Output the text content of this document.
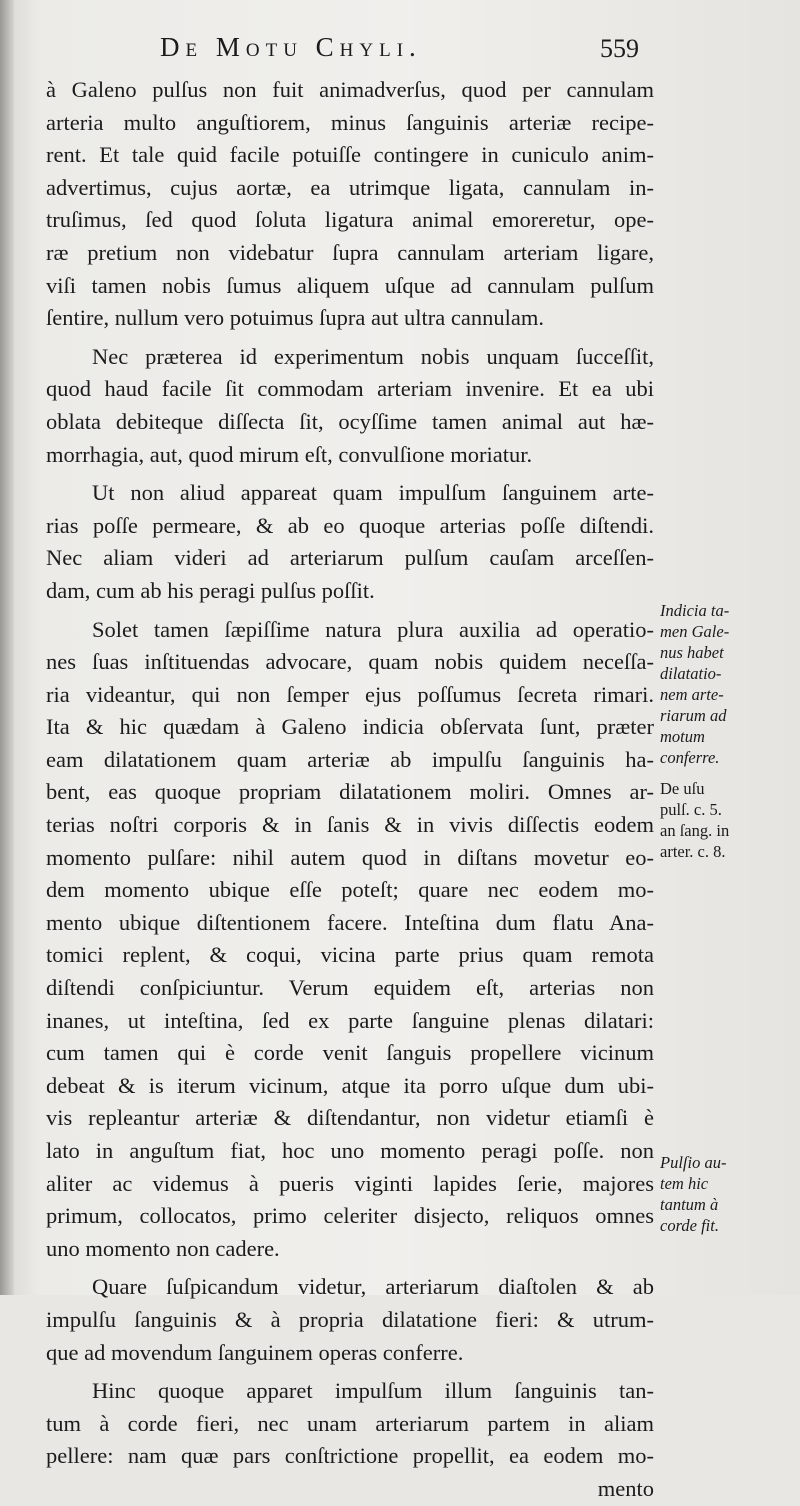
De Motu Chyli.	559
à Galeno pulſus non fuit animadverſus, quod per cannulam
arteria multo anguſtiorem, minus ſanguinis arteriæ recipe-
rent. Et tale quid facile potuiſſe contingere in cuniculo anim-
advertimus, cujus aortæ, ea utrimque ligata, cannulam in-
truſimus, ſed quod ſoluta ligatura animal emoreretur, ope-
ræ pretium non videbatur ſupra cannulam arteriam ligare,
viſi tamen nobis ſumus aliquem uſque ad cannulam pulſum
ſentire, nullum vero potuimus ſupra aut ultra cannulam.
Nec præterea id experimentum nobis unquam ſucceſſit,
quod haud facile ſit commodam arteriam invenire. Et ea ubi
oblata debiteque diſſecta ſit, ocyſſime tamen animal aut hæ-
morrhagia, aut, quod mirum eſt, convulſione moriatur.
Ut non aliud appareat quam impulſum ſanguinem arte-
rias poſſe permeare, & ab eo quoque arterias poſſe diſtendi.
Nec aliam videri ad arteriarum pulſum cauſam arceſſen-
dam, cum ab his peragi pulſus poſſit.
Solet tamen ſæpiſſime natura plura auxilia ad operatio-
nes ſuas inſtituendas advocare, quam nobis quidem neceſſa-
ria videantur, qui non ſemper ejus poſſumus ſecreta rimari.
Ita & hic quædam à Galeno indicia obſervata ſunt, præter
eam dilatationem quam arteriæ ab impulſu ſanguinis ha-
bent, eas quoque propriam dilatationem moliri. Omnes ar-
terias noſtri corporis & in ſanis & in vivis diſſectis eodem
momento pulſare: nihil autem quod in diſtans movetur eo-
dem momento ubique eſſe poteſt; quare nec eodem mo-
mento ubique diſtentionem facere. Inteſtina dum flatu Ana-
tomici replent, & coqui, vicina parte prius quam remota
diſtendi conſpiciuntur. Verum equidem eſt, arterias non
inanes, ut inteſtina, ſed ex parte ſanguine plenas dilatari:
cum tamen qui è corde venit ſanguis propellere vicinum
debeat & is iterum vicinum, atque ita porro uſque dum ubi-
vis repleantur arteriæ & diſtendantur, non videtur etiamſi è
lato in anguſtum fiat, hoc uno momento peragi poſſe. non
aliter ac videmus à pueris viginti lapides ſerie, majores
primum, collocatos, primo celeriter disjecto, reliquos omnes
uno momento non cadere.
Quare ſuſpicandum videtur, arteriarum diaſtolen & ab
impulſu ſanguinis & à propria dilatatione fieri: & utrum-
que ad movendum ſanguinem operas conferre.
Hinc quoque apparet impulſum illum ſanguinis tan-
tum à corde fieri, nec unam arteriarum partem in aliam
pellere: nam quæ pars conſtrictione propellit, ea eodem mo-
mento
Indicia ta-
men Gale-
nus habet
dilatatio-
nem arte-
riarum ad
motum
conferre.
De uſu
pulſ. c. 5.
an ſang. in
arter. c. 8.
Pulſio au-
tem hic
tantum à
corde fit.
